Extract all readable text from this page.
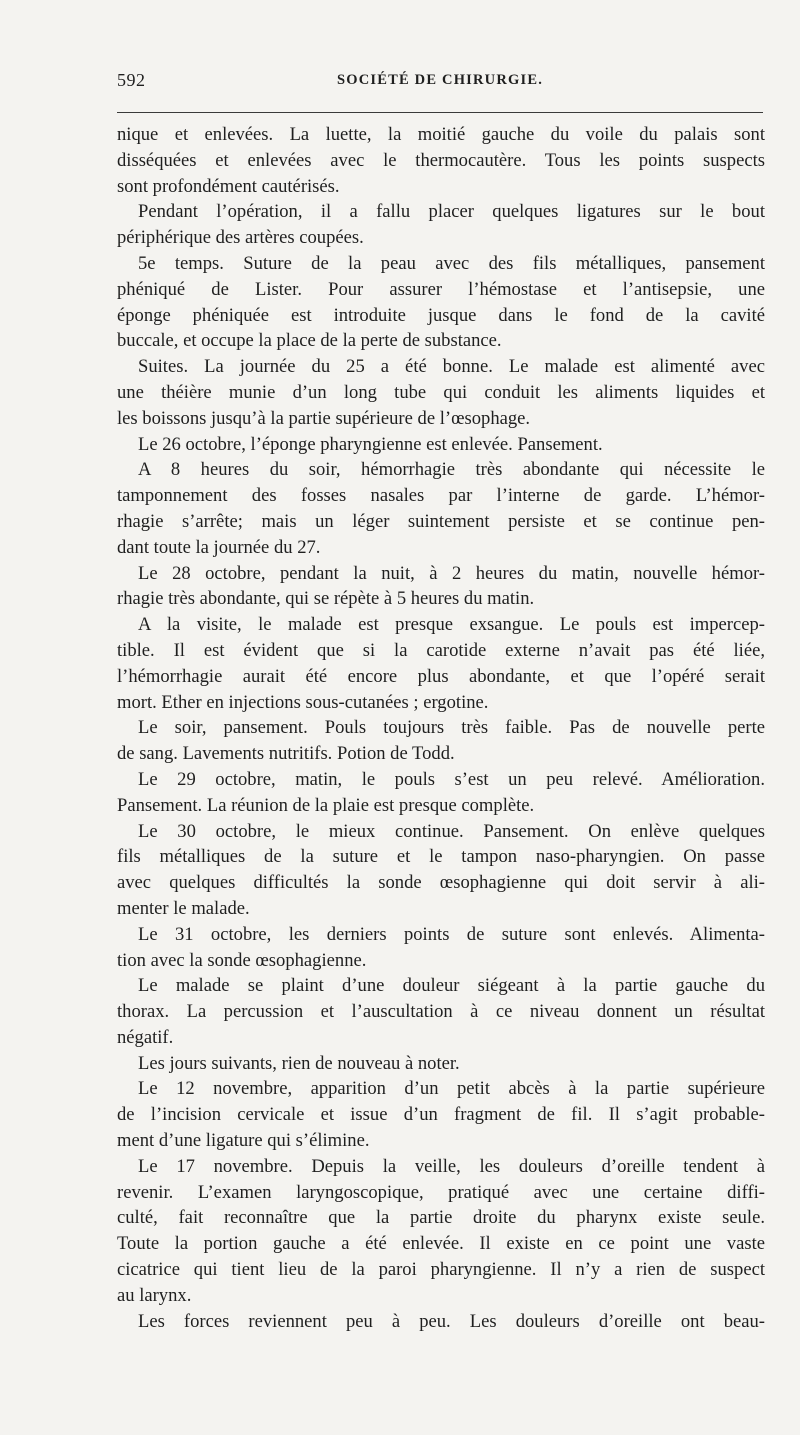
592	SOCIÉTÉ DE CHIRURGIE.
nique et enlevées. La luette, la moitié gauche du voile du palais sont
disséquées et enlevées avec le thermocautère. Tous les points suspects
sont profondément cautérisés.
Pendant l’opération, il a fallu placer quelques ligatures sur le bout
périphérique des artères coupées.
5e temps. Suture de la peau avec des fils métalliques, pansement
phéniqué de Lister. Pour assurer l’hémostase et l’antisepsie, une
éponge phéniquée est introduite jusque dans le fond de la cavité
buccale, et occupe la place de la perte de substance.
Suites. La journée du 25 a été bonne. Le malade est alimenté avec
une théière munie d’un long tube qui conduit les aliments liquides et
les boissons jusqu’à la partie supérieure de l’œsophage.
Le 26 octobre, l’éponge pharyngienne est enlevée. Pansement.
A 8 heures du soir, hémorrhagie très abondante qui nécessite le
tamponnement des fosses nasales par l’interne de garde. L’hémor-
rhagie s’arrête; mais un léger suintement persiste et se continue pen-
dant toute la journée du 27.
Le 28 octobre, pendant la nuit, à 2 heures du matin, nouvelle hémor-
rhagie très abondante, qui se répète à 5 heures du matin.
A la visite, le malade est presque exsangue. Le pouls est impercep-
tible. Il est évident que si la carotide externe n’avait pas été liée,
l’hémorrhagie aurait été encore plus abondante, et que l’opéré serait
mort. Ether en injections sous-cutanées ; ergotine.
Le soir, pansement. Pouls toujours très faible. Pas de nouvelle perte
de sang. Lavements nutritifs. Potion de Todd.
Le 29 octobre, matin, le pouls s’est un peu relevé. Amélioration.
Pansement. La réunion de la plaie est presque complète.
Le 30 octobre, le mieux continue. Pansement. On enlève quelques
fils métalliques de la suture et le tampon naso-pharyngien. On passe
avec quelques difficultés la sonde œsophagienne qui doit servir à ali-
menter le malade.
Le 31 octobre, les derniers points de suture sont enlevés. Alimenta-
tion avec la sonde œsophagienne.
Le malade se plaint d’une douleur siégeant à la partie gauche du
thorax. La percussion et l’auscultation à ce niveau donnent un résultat
négatif.
Les jours suivants, rien de nouveau à noter.
Le 12 novembre, apparition d’un petit abcès à la partie supérieure
de l’incision cervicale et issue d’un fragment de fil. Il s’agit probable-
ment d’une ligature qui s’élimine.
Le 17 novembre. Depuis la veille, les douleurs d’oreille tendent à
revenir. L’examen laryngoscopique, pratiqué avec une certaine diffi-
culté, fait reconnaître que la partie droite du pharynx existe seule.
Toute la portion gauche a été enlevée. Il existe en ce point une vaste
cicatrice qui tient lieu de la paroi pharyngienne. Il n’y a rien de suspect
au larynx.
Les forces reviennent peu à peu. Les douleurs d’oreille ont beau-
